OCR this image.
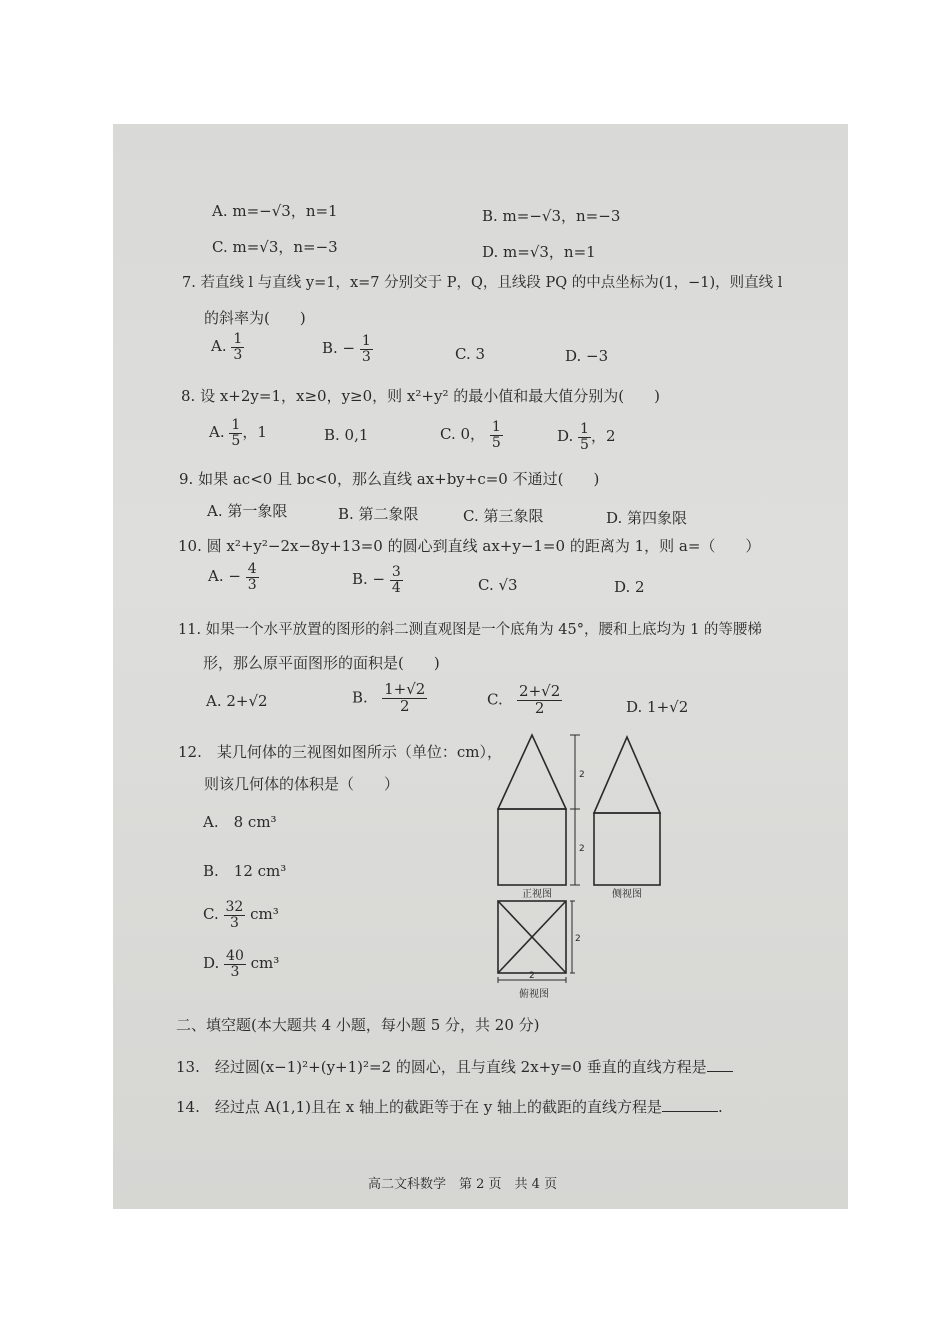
A. m=−√3，n=1	B. m=−√3，n=−3
C. m=√3，n=−3	D. m=√3，n=1
7. 若直线 l 与直线 y=1，x=7 分别交于 P，Q，且线段 PQ 的中点坐标为(1，−1)，则直线 l
的斜率为(　　)
A. $\frac{1}{3}$	B. − $\frac{1}{3}$	C. 3	D. −3
8. 设 x+2y=1，x≥0，y≥0，则 x²+y² 的最小值和最大值分别为(　　)
A. $\frac{1}{5}$ ，1	B. 0,1	C. 0， $\frac{1}{5}$	D. $\frac{1}{5}$ ，2
9. 如果 ac<0 且 bc<0，那么直线 ax+by+c=0 不通过(　　)
A. 第一象限	B. 第二象限	C. 第三象限	D. 第四象限
10. 圆 x²+y²−2x−8y+13=0 的圆心到直线 ax+y−1=0 的距离为 1，则 a=（　　）
A. − $\frac{4}{3}$	B. − $\frac{3}{4}$	C. √3	D. 2
11. 如果一个水平放置的图形的斜二测直观图是一个底角为 45°，腰和上底均为 1 的等腰梯
形，那么原平面图形的面积是(　　)
A. 2+√2	B. $\frac{1+√2}{2}$	C. $\frac{2+√2}{2}$	D. 1+√2
12.　某几何体的三视图如图所示（单位：cm），
则该几何体的体积是（　　）
A.　8 cm³
B.　12 cm³
C. $\frac{32}{3} cm^3$
D. $\frac{40}{3} cm^3$
2
2
2
2
正视图	侧视图
俯视图
二、填空题(本大题共 4 小题，每小题 5 分，共 20 分)
13.　经过圆(x−1)²+(y+1)²=2 的圆心，且与直线 2x+y=0 垂直的直线方程是
14.　经过点 A(1,1)且在 x 轴上的截距等于在 y 轴上的截距的直线方程是	.
高二文科数学　第 2 页　共 4 页
